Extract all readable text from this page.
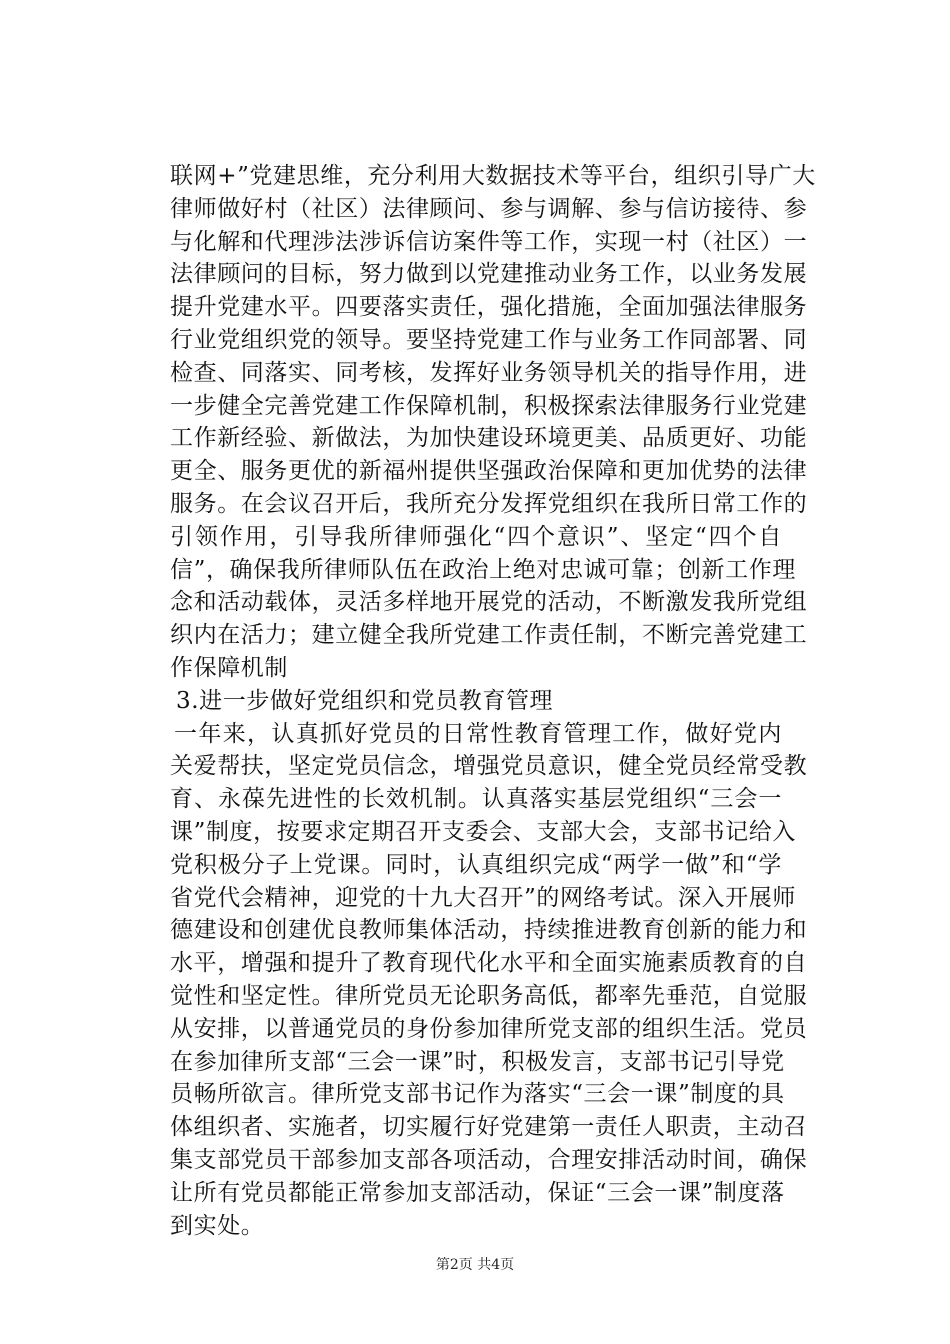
联网+”党建思维，充分利用大数据技术等平台，组织引导广大
律师做好村（社区）法律顾问、参与调解、参与信访接待、参
与化解和代理涉法涉诉信访案件等工作，实现一村（社区）一
法律顾问的目标，努力做到以党建推动业务工作，以业务发展
提升党建水平。四要落实责任，强化措施，全面加强法律服务
行业党组织党的领导。要坚持党建工作与业务工作同部署、同
检查、同落实、同考核，发挥好业务领导机关的指导作用，进
一步健全完善党建工作保障机制，积极探索法律服务行业党建
工作新经验、新做法，为加快建设环境更美、品质更好、功能
更全、服务更优的新福州提供坚强政治保障和更加优势的法律
服务。在会议召开后，我所充分发挥党组织在我所日常工作的
引领作用，引导我所律师强化“四个意识”、坚定“四个自
信”，确保我所律师队伍在政治上绝对忠诚可靠；创新工作理
念和活动载体，灵活多样地开展党的活动，不断激发我所党组
织内在活力；建立健全我所党建工作责任制，不断完善党建工
作保障机制
3.进一步做好党组织和党员教育管理
一年来，认真抓好党员的日常性教育管理工作，做好党内
关爱帮扶，坚定党员信念，增强党员意识，健全党员经常受教
育、永葆先进性的长效机制。认真落实基层党组织“三会一
课”制度，按要求定期召开支委会、支部大会，支部书记给入
党积极分子上党课。同时，认真组织完成“两学一做”和“学
省党代会精神，迎党的十九大召开”的网络考试。深入开展师
德建设和创建优良教师集体活动，持续推进教育创新的能力和
水平，增强和提升了教育现代化水平和全面实施素质教育的自
觉性和坚定性。律所党员无论职务高低，都率先垂范，自觉服
从安排，以普通党员的身份参加律所党支部的组织生活。党员
在参加律所支部“三会一课”时，积极发言，支部书记引导党
员畅所欲言。律所党支部书记作为落实“三会一课”制度的具
体组织者、实施者，切实履行好党建第一责任人职责，主动召
集支部党员干部参加支部各项活动，合理安排活动时间，确保
让所有党员都能正常参加支部活动，保证“三会一课”制度落
到实处。
第2页 共4页
